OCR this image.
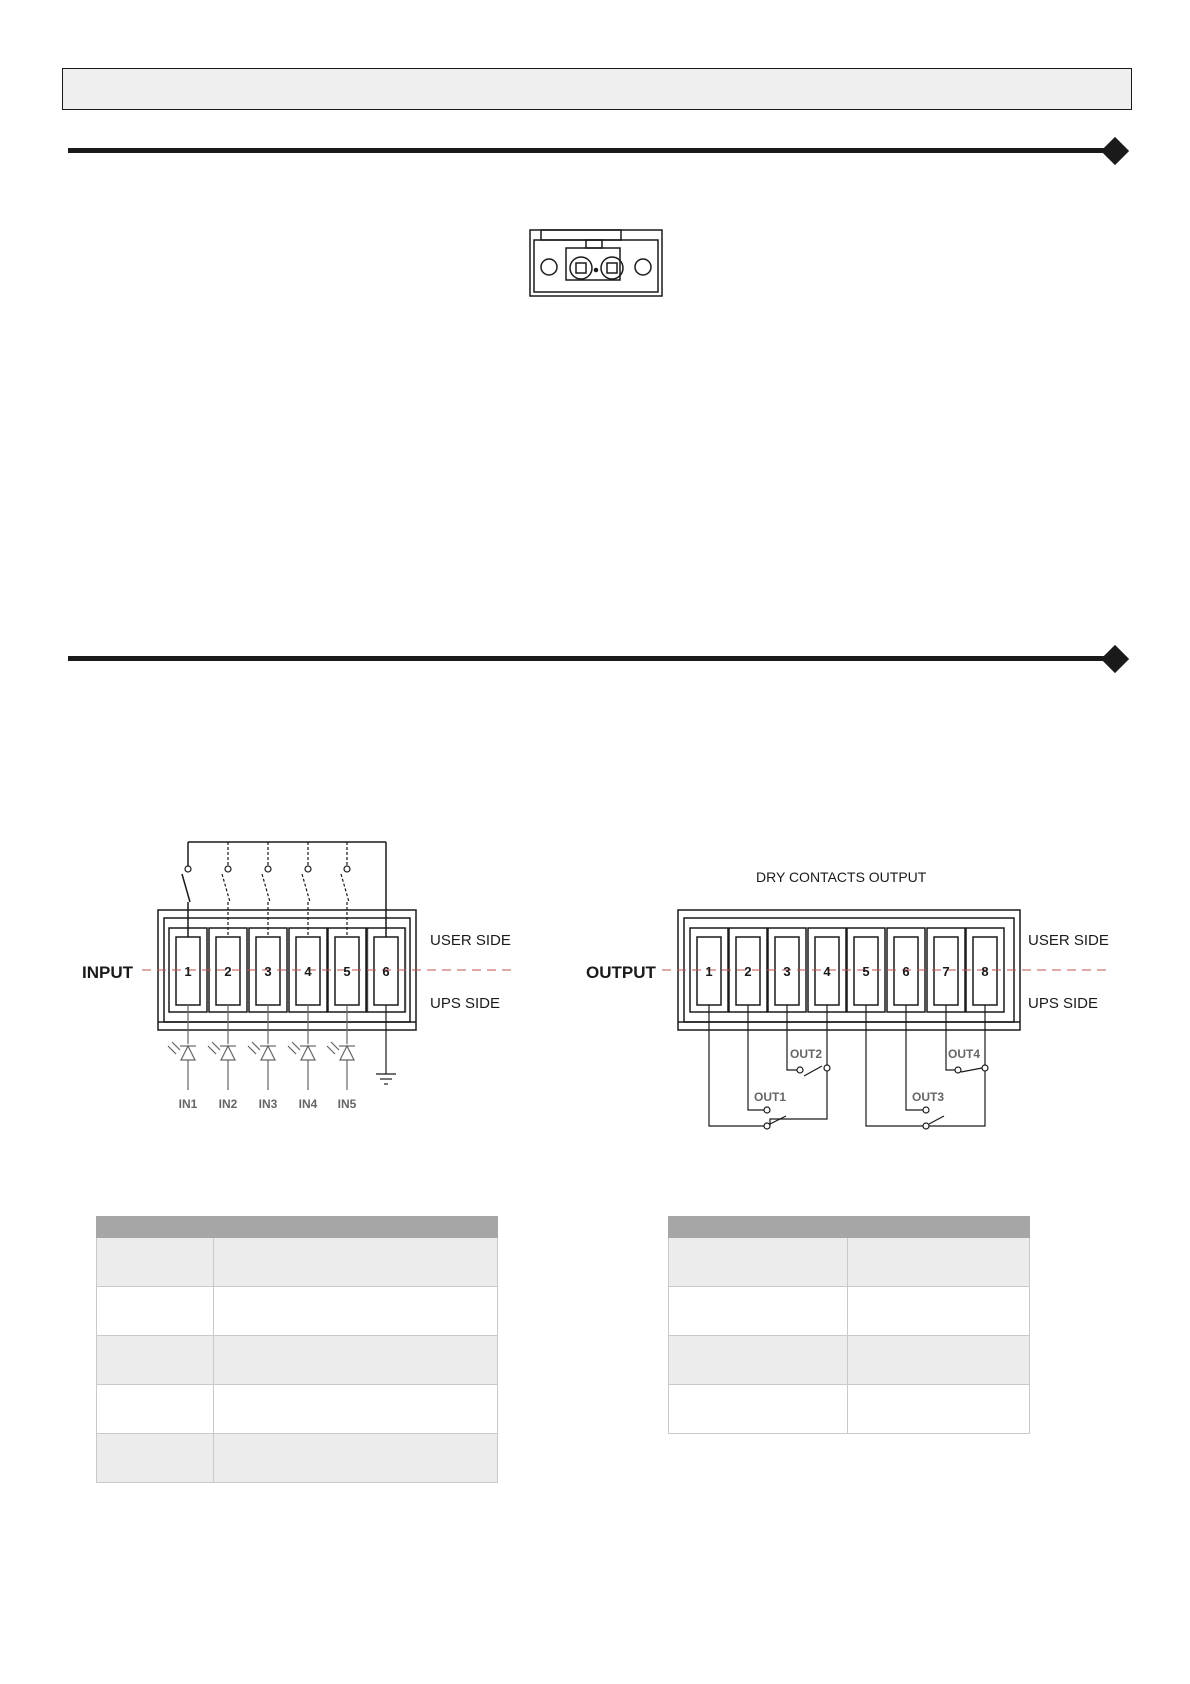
INPUT
USER SIDE
UPS SIDE
1	2	3	4 5 6
IN1 IN2 IN3 IN4 IN5
DRY CONTACTS OUTPUT
OUTPUT
USER SIDE
UPS SIDE
1 2 3	4 5	6	7 8
OUT1
OUT2
OUT3
OUT4
